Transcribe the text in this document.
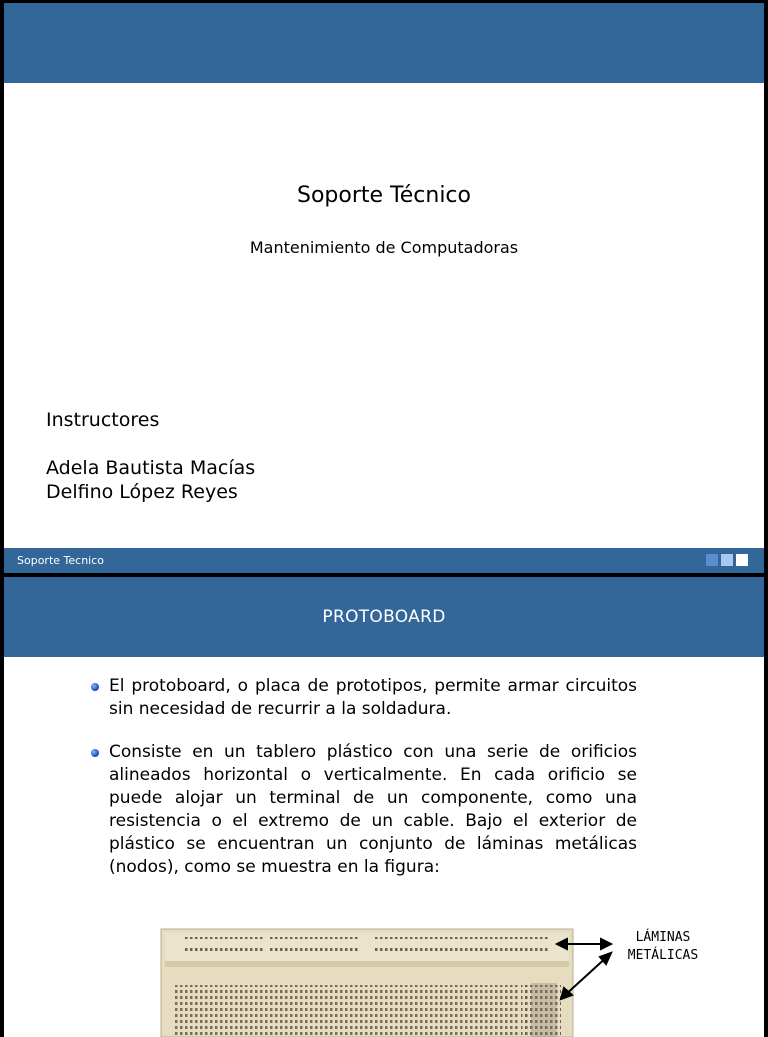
Soporte Técnico
Mantenimiento de Computadoras
Instructores
Adela Bautista Macías
Delfino López Reyes
Soporte Tecnico
PROTOBOARD
El protoboard, o placa de prototipos, permite armar circuitos sin necesidad de recurrir a la soldadura.
Consiste en un tablero plástico con una serie de orificios alineados horizontal o verticalmente. En cada orificio se puede alojar un terminal de un componente, como una resistencia o el extremo de un cable. Bajo el exterior de plástico se encuentran un conjunto de láminas metálicas (nodos), como se muestra en la figura:
LÁMINAS
METÁLICAS
